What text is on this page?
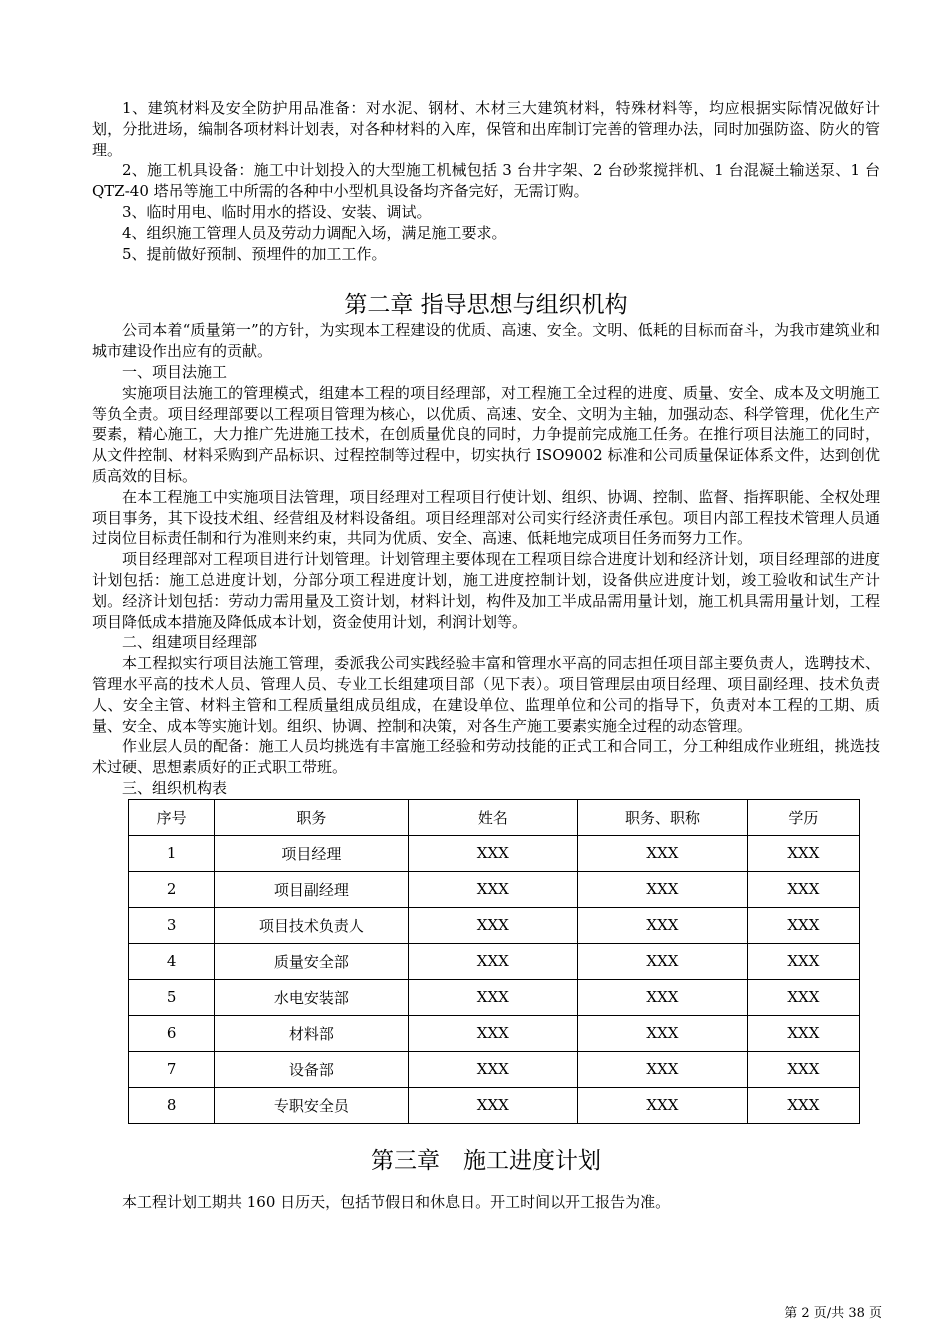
1、建筑材料及安全防护用品准备：对水泥、钢材、木材三大建筑材料，特殊材料等，均应根据实际情况做好计划，分批进场，编制各项材料计划表，对各种材料的入库，保管和出库制订完善的管理办法，同时加强防盗、防火的管理。

2、施工机具设备：施工中计划投入的大型施工机械包括 3 台井字架、2 台砂浆搅拌机、1 台混凝土输送泵、1 台 QTZ-40 塔吊等施工中所需的各种中小型机具设备均齐备完好，无需订购。

3、临时用电、临时用水的搭设、安装、调试。

4、组织施工管理人员及劳动力调配入场，满足施工要求。

5、提前做好预制、预埋件的加工工作。

第二章 指导思想与组织机构

公司本着“质量第一”的方针，为实现本工程建设的优质、高速、安全。文明、低耗的目标而奋斗，为我市建筑业和城市建设作出应有的贡献。

一、项目法施工

实施项目法施工的管理模式，组建本工程的项目经理部，对工程施工全过程的进度、质量、安全、成本及文明施工等负全责。项目经理部要以工程项目管理为核心，以优质、高速、安全、文明为主轴，加强动态、科学管理，优化生产要素，精心施工，大力推广先进施工技术，在创质量优良的同时，力争提前完成施工任务。在推行项目法施工的同时，从文件控制、材料采购到产品标识、过程控制等过程中，切实执行 ISO9002 标准和公司质量保证体系文件，达到创优质高效的目标。

在本工程施工中实施项目法管理，项目经理对工程项目行使计划、组织、协调、控制、监督、指挥职能、全权处理项目事务，其下设技术组、经营组及材料设备组。项目经理部对公司实行经济责任承包。项目内部工程技术管理人员通过岗位目标责任制和行为准则来约束，共同为优质、安全、高速、低耗地完成项目任务而努力工作。

项目经理部对工程项目进行计划管理。计划管理主要体现在工程项目综合进度计划和经济计划，项目经理部的进度计划包括：施工总进度计划，分部分项工程进度计划，施工进度控制计划，设备供应进度计划，竣工验收和试生产计划。经济计划包括：劳动力需用量及工资计划，材料计划，构件及加工半成品需用量计划，施工机具需用量计划，工程项目降低成本措施及降低成本计划，资金使用计划，利润计划等。

二、组建项目经理部

本工程拟实行项目法施工管理，委派我公司实践经验丰富和管理水平高的同志担任项目部主要负责人，选聘技术、管理水平高的技术人员、管理人员、专业工长组建项目部（见下表）。项目管理层由项目经理、项目副经理、技术负责人、安全主管、材料主管和工程质量组成员组成，在建设单位、监理单位和公司的指导下，负责对本工程的工期、质量、安全、成本等实施计划。组织、协调、控制和决策，对各生产施工要素实施全过程的动态管理。

作业层人员的配备：施工人员均挑选有丰富施工经验和劳动技能的正式工和合同工，分工种组成作业班组，挑选技术过硬、思想素质好的正式职工带班。

三、组织机构表

序号	职务	姓名	职务、职称	学历
1	项目经理	XXX	XXX	XXX
2	项目副经理	XXX	XXX	XXX
3	项目技术负责人	XXX	XXX	XXX
4	质量安全部	XXX	XXX	XXX
5	水电安装部	XXX	XXX	XXX
6	材料部	XXX	XXX	XXX
7	设备部	XXX	XXX	XXX
8	专职安全员	XXX	XXX	XXX
第三章　施工进度计划

本工程计划工期共 160 日历天，包括节假日和休息日。开工时间以开工报告为准。

第 2 页/共 38 页
